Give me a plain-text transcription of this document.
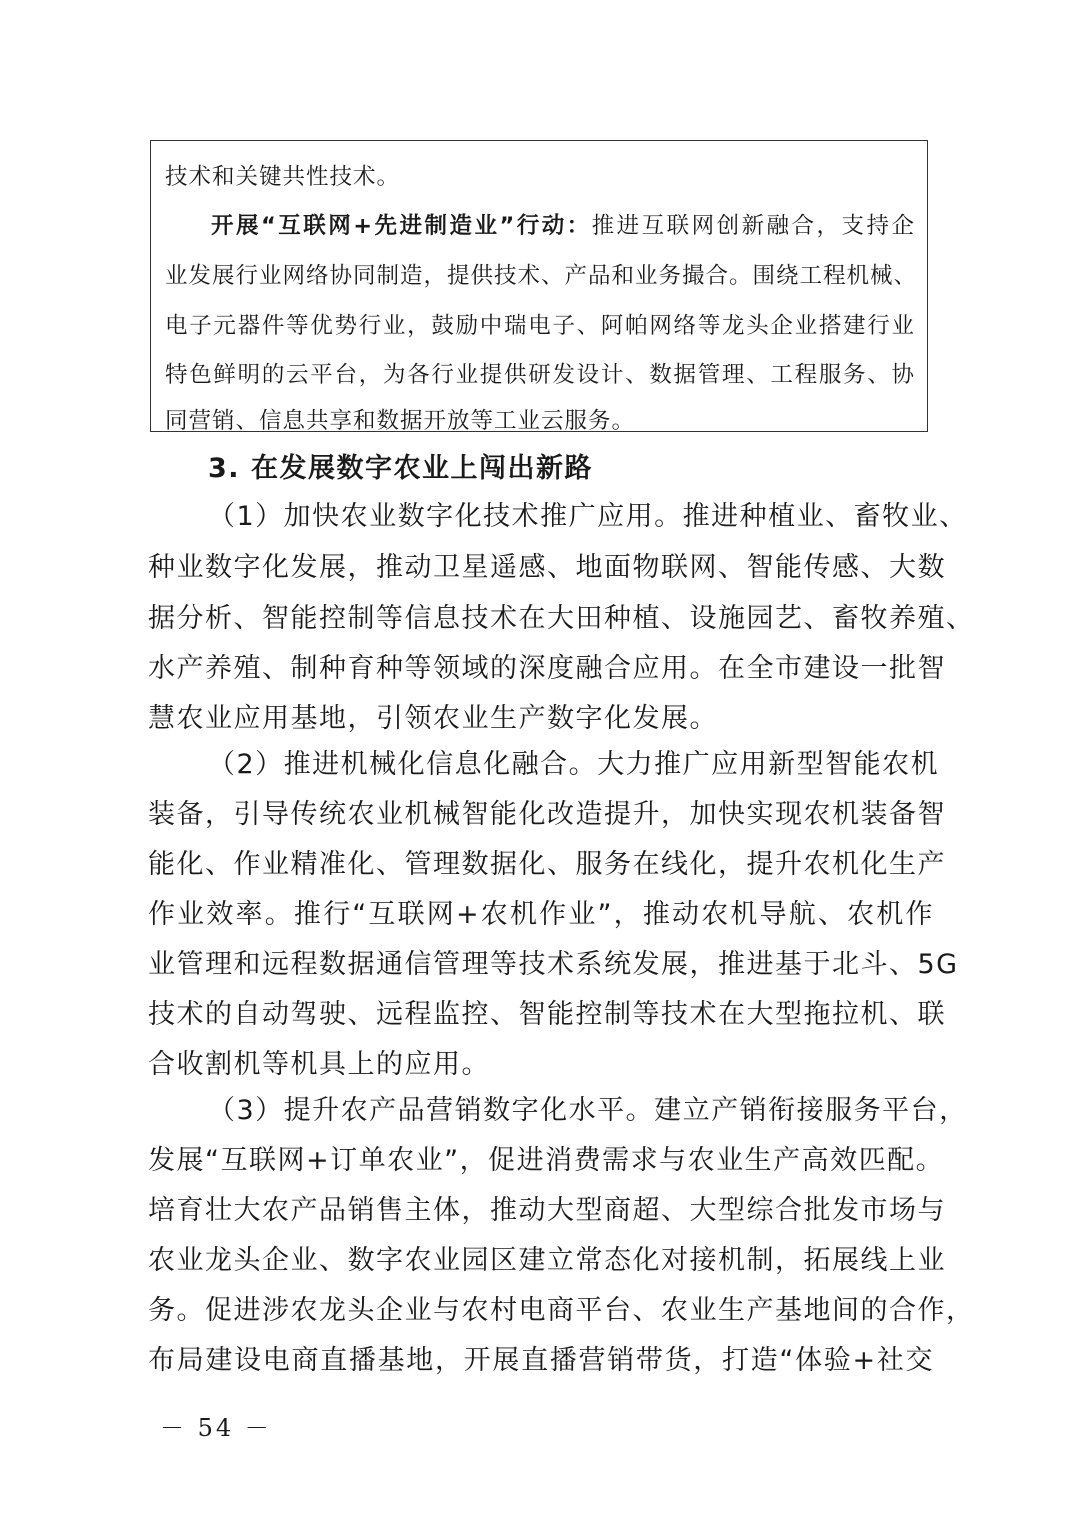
技术和关键共性技术。
开展“互联网+先进制造业”行动：推进互联网创新融合，支持企
业发展行业网络协同制造，提供技术、产品和业务撮合。围绕工程机械、
电子元器件等优势行业，鼓励中瑞电子、阿帕网络等龙头企业搭建行业
特色鲜明的云平台，为各行业提供研发设计、数据管理、工程服务、协
同营销、信息共享和数据开放等工业云服务。
3. 在发展数字农业上闯出新路
（1）加快农业数字化技术推广应用。推进种植业、畜牧业、
种业数字化发展，推动卫星遥感、地面物联网、智能传感、大数
据分析、智能控制等信息技术在大田种植、设施园艺、畜牧养殖、
水产养殖、制种育种等领域的深度融合应用。在全市建设一批智
慧农业应用基地，引领农业生产数字化发展。
（2）推进机械化信息化融合。大力推广应用新型智能农机
装备，引导传统农业机械智能化改造提升，加快实现农机装备智
能化、作业精准化、管理数据化、服务在线化，提升农机化生产
作业效率。推行“互联网+农机作业”，推动农机导航、农机作
业管理和远程数据通信管理等技术系统发展，推进基于北斗、5G
技术的自动驾驶、远程监控、智能控制等技术在大型拖拉机、联
合收割机等机具上的应用。
（3）提升农产品营销数字化水平。建立产销衔接服务平台，
发展“互联网+订单农业”，促进消费需求与农业生产高效匹配。
培育壮大农产品销售主体，推动大型商超、大型综合批发市场与
农业龙头企业、数字农业园区建立常态化对接机制，拓展线上业
务。促进涉农龙头企业与农村电商平台、农业生产基地间的合作，
布局建设电商直播基地，开展直播营销带货，打造“体验+社交
－ 54 －
